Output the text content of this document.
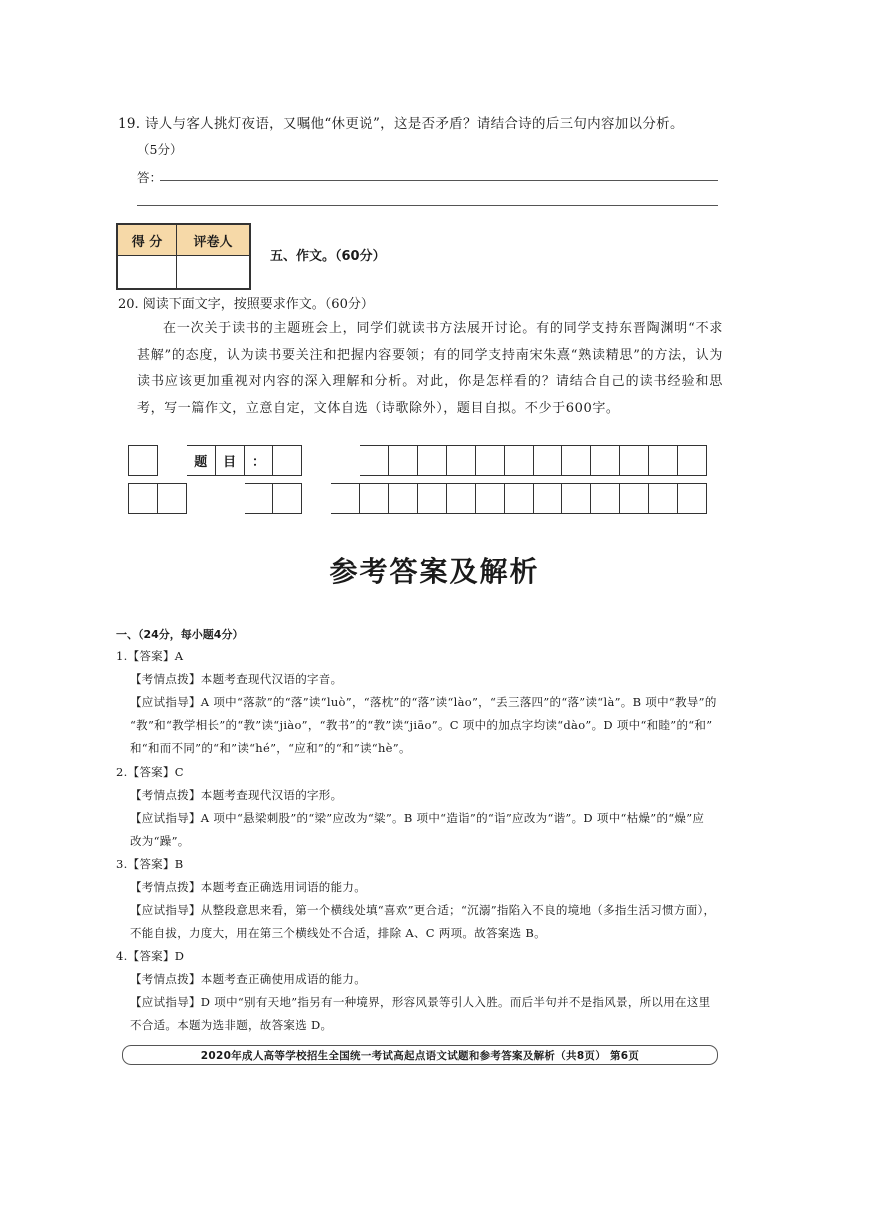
19. 诗人与客人挑灯夜语，又嘱他“休更说”，这是否矛盾？请结合诗的后三句内容加以分析。
（5分）
答：
得 分	评卷人

五、作文。（60分）
20. 阅读下面文字，按照要求作文。（60分）
在一次关于读书的主题班会上，同学们就读书方法展开讨论。有的同学支持东晋陶渊明“不求甚解”的态度，认为读书要关注和把握内容要领；有的同学支持南宋朱熹“熟读精思”的方法，认为读书应该更加重视对内容的深入理解和分析。对此，你是怎样看的？请结合自己的读书经验和思考，写一篇作文，立意自定，文体自选（诗歌除外），题目自拟。不少于600字。
题	目	：
参考答案及解析
一、（24分，每小题4分）
1.【答案】A
【考情点拨】本题考查现代汉语的字音。
【应试指导】A 项中“落款”的“落”读“luò”，“落枕”的“落”读“lào”，“丢三落四”的“落”读“là”。B 项中“教导”的
“教”和“教学相长”的“教”读“jiào”，“教书”的“教”读“jiāo”。C 项中的加点字均读“dào”。D 项中“和睦”的“和”
和“和而不同”的“和”读“hé”，“应和”的“和”读“hè”。
2.【答案】C
【考情点拨】本题考查现代汉语的字形。
【应试指导】A 项中“悬梁刺股”的“梁”应改为“粱”。B 项中“造诣”的“诣”应改为“谐”。D 项中“枯燥”的“燥”应
改为“躁”。
3.【答案】B
【考情点拨】本题考查正确选用词语的能力。
【应试指导】从整段意思来看，第一个横线处填“喜欢”更合适；“沉溺”指陷入不良的境地（多指生活习惯方面），
不能自拔，力度大，用在第三个横线处不合适，排除 A、C 两项。故答案选 B。
4.【答案】D
【考情点拨】本题考查正确使用成语的能力。
【应试指导】D 项中“别有天地”指另有一种境界，形容风景等引人入胜。而后半句并不是指风景，所以用在这里
不合适。本题为选非题，故答案选 D。
2020年成人高等学校招生全国统一考试高起点语文试题和参考答案及解析（共8页） 第6页
